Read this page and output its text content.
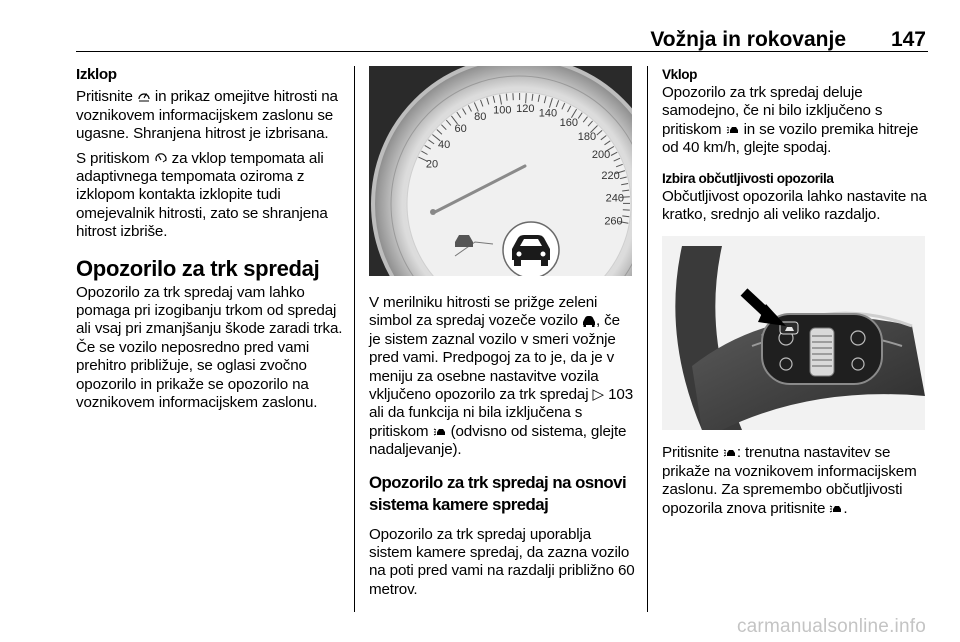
Vožnja in rokovanje 147
Izklop

Pritisnite in prikaz omejitve hitrosti na voznikovem informacijskem zaslonu se ugasne. Shranjena hitrost je izbrisana.

S pritiskom za vklop tempomata ali adaptivnega tempomata oziroma z izklopom kontakta izklopite tudi omejevalnik hitrosti, zato se shranjena hitrost izbriše.

Opozorilo za trk spredaj

Opozorilo za trk spredaj vam lahko pomaga pri izogibanju trkom od spredaj ali vsaj pri zmanjšanju škode zaradi trka. Če se vozilo neposredno pred vami prehitro približuje, se oglasi zvočno opozorilo in prikaže se opozorilo na voznikovem informacijskem zaslonu.

20
40
60
80
100 120 140
160
180
200
220
240
260

V merilniku hitrosti se prižge zeleni simbol za spredaj vozeče vozilo , če je sistem zaznal vozilo v smeri vožnje pred vami. Predpogoj za to je, da je v meniju za osebne nastavitve vozila vključeno opozorilo za trk spredaj ▷ 103 ali da funkcija ni bila izključena s pritiskom (odvisno od sistema, glejte nadaljevanje).

Opozorilo za trk spredaj na osnovi sistema kamere spredaj

Opozorilo za trk spredaj uporablja sistem kamere spredaj, da zazna vozilo na poti pred vami na razdalji približno 60 metrov.

Vklop

Opozorilo za trk spredaj deluje samodejno, če ni bilo izključeno s pritiskom in se vozilo premika hitreje od 40 km/h, glejte spodaj.

Izbira občutljivosti opozorila

Občutljivost opozorila lahko nastavite na kratko, srednjo ali veliko razdaljo.

Pritisnite : trenutna nastavitev se prikaže na voznikovem informacijskem zaslonu. Za spremembo občutljivosti opozorila znova pritisnite .

carmanualsonline.info
